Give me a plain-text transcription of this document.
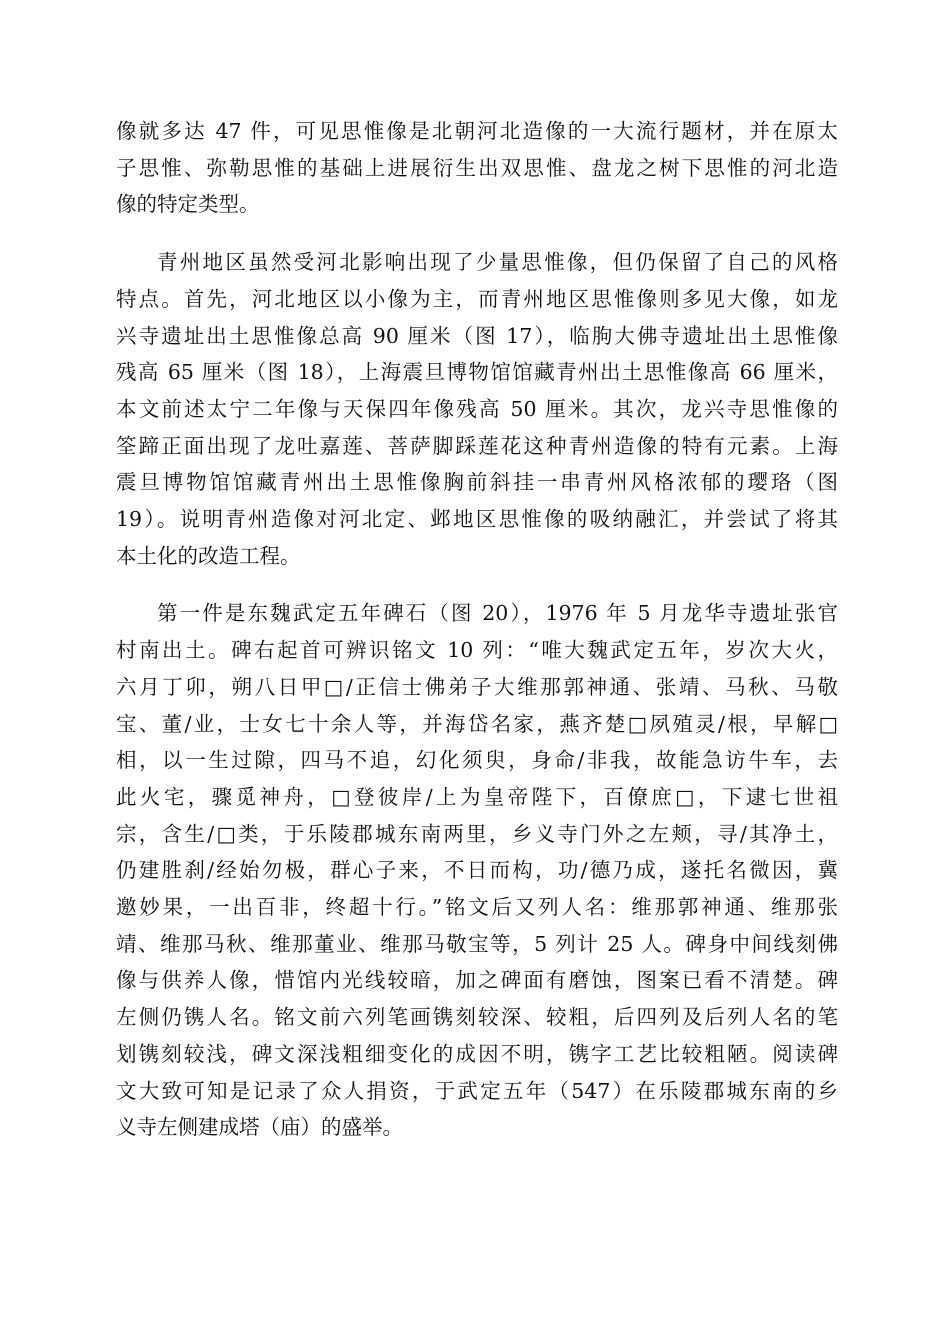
像就多达 47 件，可见思惟像是北朝河北造像的一大流行题材，并在原太
子思惟、弥勒思惟的基础上进展衍生出双思惟、盘龙之树下思惟的河北造
像的特定类型。

青州地区虽然受河北影响出现了少量思惟像，但仍保留了自己的风格
特点。首先，河北地区以小像为主，而青州地区思惟像则多见大像，如龙
兴寺遗址出土思惟像总高 90 厘米（图 17），临朐大佛寺遗址出土思惟像
残高 65 厘米（图 18），上海震旦博物馆馆藏青州出土思惟像高 66 厘米，
本文前述太宁二年像与天保四年像残高 50 厘米。其次，龙兴寺思惟像的
筌蹄正面出现了龙吐嘉莲、菩萨脚踩莲花这种青州造像的特有元素。上海
震旦博物馆馆藏青州出土思惟像胸前斜挂一串青州风格浓郁的璎珞（图
19）。说明青州造像对河北定、邺地区思惟像的吸纳融汇，并尝试了将其
本土化的改造工程。

第一件是东魏武定五年碑石（图 20），1976 年 5 月龙华寺遗址张官
村南出土。碑右起首可辨识铭文 10 列：“唯大魏武定五年，岁次大火，
六月丁卯，朔八日甲□/正信士佛弟子大维那郭神通、张靖、马秋、马敬
宝、董/业，士女七十余人等，并海岱名家，燕齐楚□夙殖灵/根，早解□
相，以一生过隙，四马不追，幻化须臾，身命/非我，故能急访牛车，去
此火宅，骤觅神舟，□登彼岸/上为皇帝陛下，百僚庶□，下逮七世祖
宗，含生/□类，于乐陵郡城东南两里，乡义寺门外之左颊，寻/其净土，
仍建胜刹/经始勿极，群心子来，不日而构，功/德乃成，遂托名微因，冀
邀妙果，一出百非，终超十行。”铭文后又列人名：维那郭神通、维那张
靖、维那马秋、维那董业、维那马敬宝等，5 列计 25 人。碑身中间线刻佛
像与供养人像，惜馆内光线较暗，加之碑面有磨蚀，图案已看不清楚。碑
左侧仍镌人名。铭文前六列笔画镌刻较深、较粗，后四列及后列人名的笔
划镌刻较浅，碑文深浅粗细变化的成因不明，镌字工艺比较粗陋。阅读碑
文大致可知是记录了众人捐资，于武定五年（547）在乐陵郡城东南的乡
义寺左侧建成塔（庙）的盛举。
